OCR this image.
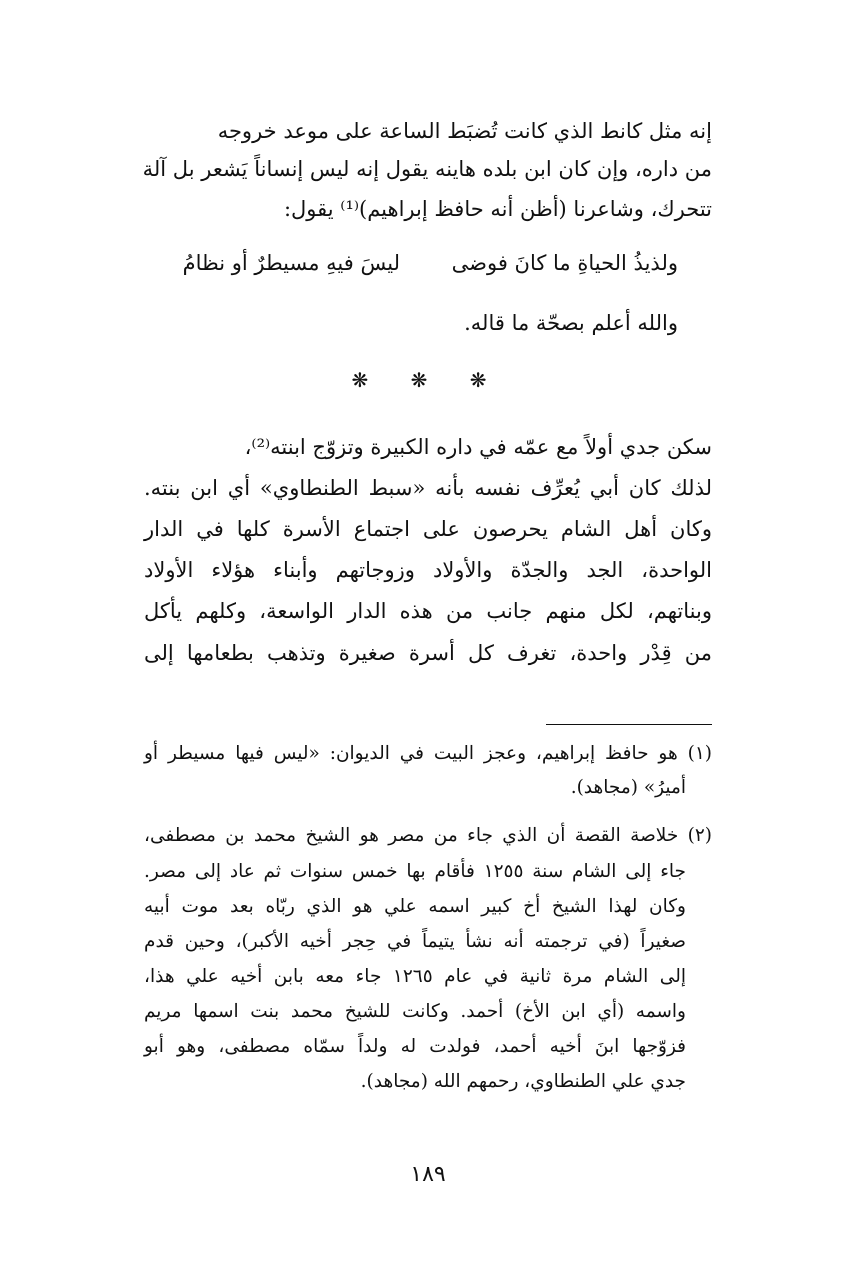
إنه مثل كانط الذي كانت تُضبَط الساعة على موعد خروجه
من داره، وإن كان ابن بلده هاينه يقول إنه ليس إنساناً يَشعر بل آلة
تتحرك، وشاعرنا (أظن أنه حافظ إبراهيم)⁽¹⁾ يقول:
ولذيذُ الحياةِ ما كانَ فوضى
ليسَ فيهِ مسيطرٌ أو نظامُ
والله أعلم بصحّة ما قاله.
❋ ❋ ❋
سكن جدي أولاً مع عمّه في داره الكبيرة وتزوّج ابنته⁽²⁾،
لذلك كان أبي يُعرِّف نفسه بأنه «سبط الطنطاوي» أي ابن بنته.
وكان أهل الشام يحرصون على اجتماع الأسرة كلها في الدار
الواحدة، الجد والجدّة والأولاد وزوجاتهم وأبناء هؤلاء الأولاد
وبناتهم، لكل منهم جانب من هذه الدار الواسعة، وكلهم يأكل
من قِدْر واحدة، تغرف كل أسرة صغيرة وتذهب بطعامها إلى
(١) هو حافظ إبراهيم، وعجز البيت في الديوان: «ليس فيها مسيطر أو
أميرُ» (مجاهد).
(٢) خلاصة القصة أن الذي جاء من مصر هو الشيخ محمد بن مصطفى،
جاء إلى الشام سنة ١٢٥٥ فأقام بها خمس سنوات ثم عاد إلى مصر.
وكان لهذا الشيخ أخ كبير اسمه علي هو الذي ربّاه بعد موت أبيه
صغيراً (في ترجمته أنه نشأ يتيماً في حِجر أخيه الأكبر)، وحين قدم
إلى الشام مرة ثانية في عام ١٢٦٥ جاء معه بابن أخيه علي هذا،
واسمه (أي ابن الأخ) أحمد. وكانت للشيخ محمد بنت اسمها مريم
فزوّجها ابنَ أخيه أحمد، فولدت له ولداً سمّاه مصطفى، وهو أبو
جدي علي الطنطاوي، رحمهم الله (مجاهد).
١٨٩
